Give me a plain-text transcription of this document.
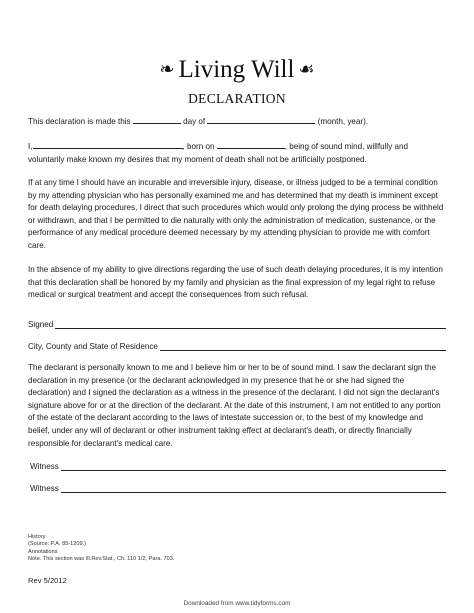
❧ Living Will ☙
DECLARATION
This declaration is made this	day of	(month, year).
I,	, born on	, being of sound mind, willfully and voluntarily make known my desires that my moment of death shall not be artificially postponed.
If at any time I should have an incurable and irreversible injury, disease, or illness judged to be a terminal condition by my attending physician who has personally examined me and has determined that my death is imminent except for death delaying procedures, I direct that such procedures which would only prolong the dying process be withheld or withdrawn, and that I be permitted to die naturally with only the administration of medication, sustenance, or the performance of any medical procedure deemed necessary by my attending physician to provide me with comfort care.
In the absence of my ability to give directions regarding the use of such death delaying procedures, it is my intention that this declaration shall be honored by my family and physician as the final expression of my legal right to refuse medical or surgical treatment and accept the consequences from such refusal.
Signed
City, County and State of Residence
The declarant is personally known to me and I believe him or her to be of sound mind. I saw the declarant sign the declaration in my presence (or the declarant acknowledged in my presence that he or she had signed the declaration) and I signed the declaration as a witness in the presence of the declarant. I did not sign the declarant's signature above for or at the direction of the declarant. At the date of this instrument, I am not entitled to any portion of the estate of the declarant according to the laws of intestate succession or, to the best of my knowledge and belief, under any will of declarant or other instrument taking effect at declarant's death, or directly financially responsible for declarant's medical care.
Witness
Witness
History
(Source: P.A. 85-1209.)
Annotations
Note. This section was Ill.Rev.Stat., Ch. 110 1/2, Para. 703.
Rev 5/2012
Downloaded from www.tidyforms.com
